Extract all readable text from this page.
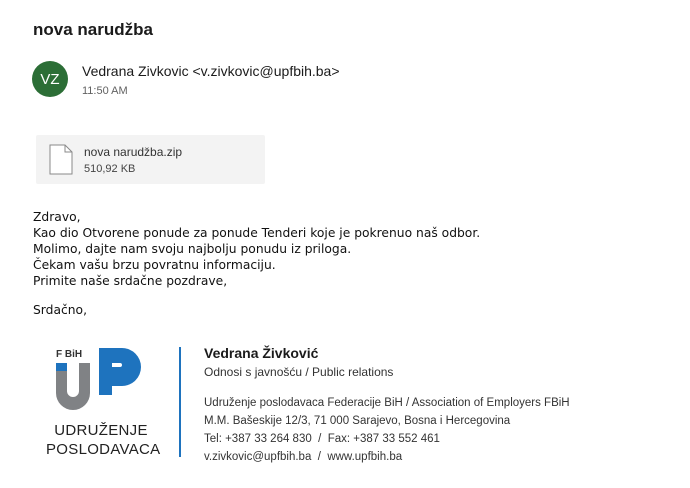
nova narudžba
VZ	Vedrana Zivkovic <v.zivkovic@upfbih.ba>
11:50 AM
nova narudžba.zip
510,92 KB
Zdravo,
Kao dio Otvorene ponude za ponude Tenderi koje je pokrenuo naš odbor.
Molimo, dajte nam svoju najbolju ponudu iz priloga.
Čekam vašu brzu povratnu informaciju.
Primite naše srdačne pozdrave,
Srdačno,
F BiH
UDRUŽENJE
POSLODAVACA
Vedrana Živković
Odnosi s javnošću / Public relations
Udruženje poslodavaca Federacije BiH / Association of Employers FBiH
M.M. Bašeskije 12/3, 71 000 Sarajevo, Bosna i Hercegovina
Tel: +387 33 264 830  /  Fax: +387 33 552 461
v.zivkovic@upfbih.ba  /  www.upfbih.ba
